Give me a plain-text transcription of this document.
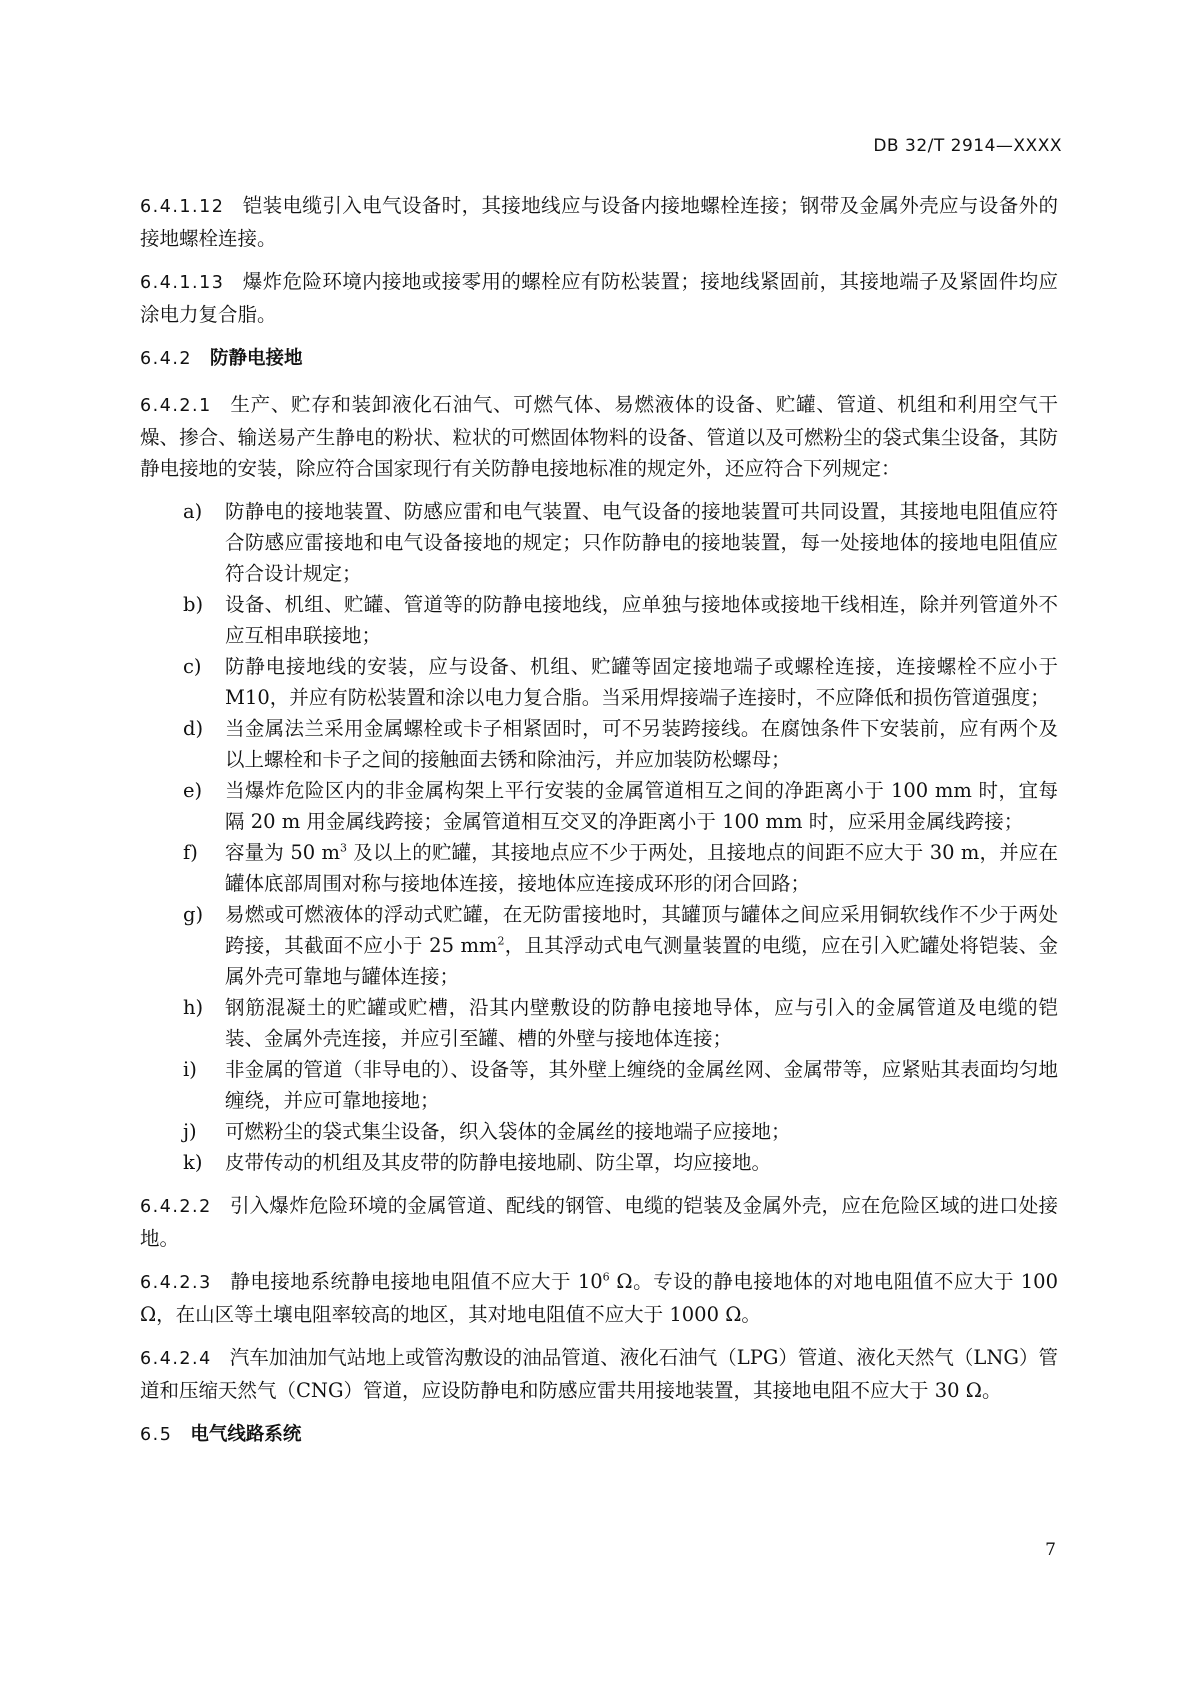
DB 32/T 2914—XXXX

6.4.1.12 铠装电缆引入电气设备时，其接地线应与设备内接地螺栓连接；钢带及金属外壳应与设备外的接地螺栓连接。

6.4.1.13 爆炸危险环境内接地或接零用的螺栓应有防松装置；接地线紧固前，其接地端子及紧固件均应涂电力复合脂。

6.4.2 防静电接地

6.4.2.1 生产、贮存和装卸液化石油气、可燃气体、易燃液体的设备、贮罐、管道、机组和利用空气干燥、掺合、输送易产生静电的粉状、粒状的可燃固体物料的设备、管道以及可燃粉尘的袋式集尘设备，其防静电接地的安装，除应符合国家现行有关防静电接地标准的规定外，还应符合下列规定：

a) 防静电的接地装置、防感应雷和电气装置、电气设备的接地装置可共同设置，其接地电阻值应符合防感应雷接地和电气设备接地的规定；只作防静电的接地装置，每一处接地体的接地电阻值应符合设计规定；
b) 设备、机组、贮罐、管道等的防静电接地线，应单独与接地体或接地干线相连，除并列管道外不应互相串联接地；
c) 防静电接地线的安装，应与设备、机组、贮罐等固定接地端子或螺栓连接，连接螺栓不应小于 M10，并应有防松装置和涂以电力复合脂。当采用焊接端子连接时，不应降低和损伤管道强度；
d) 当金属法兰采用金属螺栓或卡子相紧固时，可不另装跨接线。在腐蚀条件下安装前，应有两个及以上螺栓和卡子之间的接触面去锈和除油污，并应加装防松螺母；
e) 当爆炸危险区内的非金属构架上平行安装的金属管道相互之间的净距离小于 100 mm 时，宜每隔 20 m 用金属线跨接；金属管道相互交叉的净距离小于 100 mm 时，应采用金属线跨接；
f) 容量为 50 $m^3$ 及以上的贮罐，其接地点应不少于两处，且接地点的间距不应大于 30 m，并应在罐体底部周围对称与接地体连接，接地体应连接成环形的闭合回路；
g) 易燃或可燃液体的浮动式贮罐，在无防雷接地时，其罐顶与罐体之间应采用铜软线作不少于两处跨接，其截面不应小于 25 $mm^2$，且其浮动式电气测量装置的电缆，应在引入贮罐处将铠装、金属外壳可靠地与罐体连接；
h) 钢筋混凝土的贮罐或贮槽，沿其内壁敷设的防静电接地导体，应与引入的金属管道及电缆的铠装、金属外壳连接，并应引至罐、槽的外壁与接地体连接；
i) 非金属的管道（非导电的）、设备等，其外壁上缠绕的金属丝网、金属带等，应紧贴其表面均匀地缠绕，并应可靠地接地；
j) 可燃粉尘的袋式集尘设备，织入袋体的金属丝的接地端子应接地；
k) 皮带传动的机组及其皮带的防静电接地刷、防尘罩，均应接地。

6.4.2.2 引入爆炸危险环境的金属管道、配线的钢管、电缆的铠装及金属外壳，应在危险区域的进口处接地。

6.4.2.3 静电接地系统静电接地电阻值不应大于 $10^6$ Ω。专设的静电接地体的对地电阻值不应大于 100 Ω，在山区等土壤电阻率较高的地区，其对地电阻值不应大于 1000 Ω。

6.4.2.4 汽车加油加气站地上或管沟敷设的油品管道、液化石油气（LPG）管道、液化天然气（LNG）管道和压缩天然气（CNG）管道，应设防静电和防感应雷共用接地装置，其接地电阻不应大于 30 Ω。

6.5 电气线路系统

7
